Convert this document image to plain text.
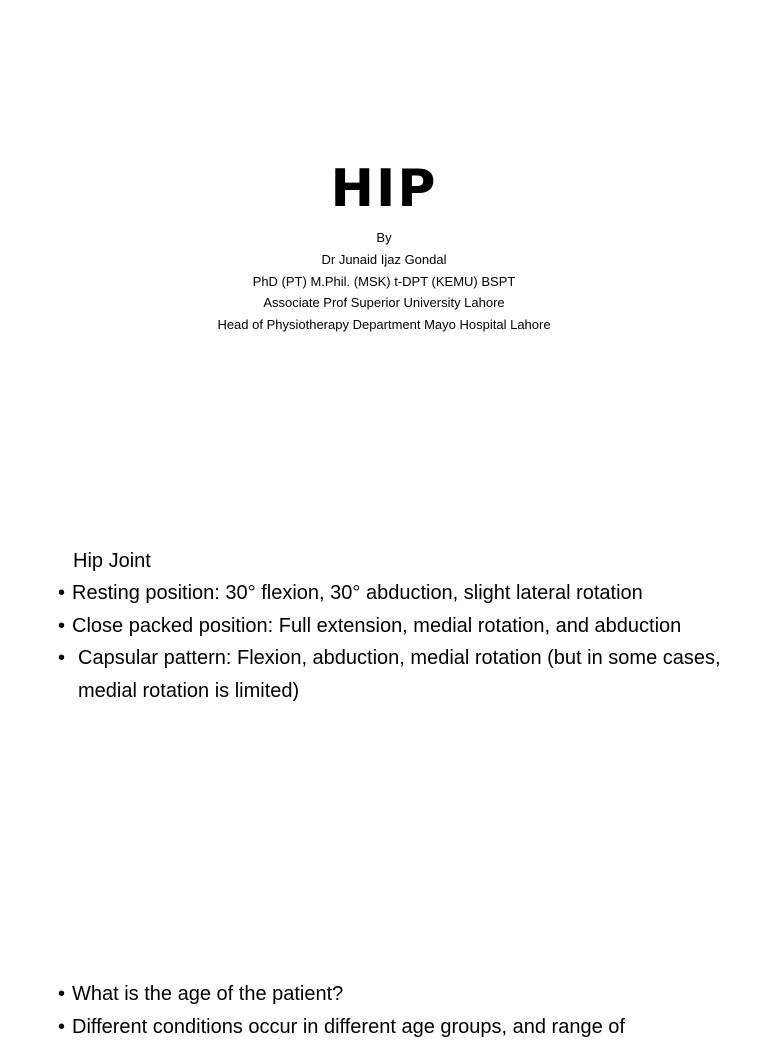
HIP
By
Dr Junaid Ijaz Gondal
PhD (PT) M.Phil. (MSK) t-DPT (KEMU) BSPT
Associate Prof Superior University Lahore
Head of Physiotherapy Department Mayo Hospital Lahore
Hip Joint
• Resting position: 30° flexion, 30° abduction, slight lateral rotation
• Close packed position: Full extension, medial rotation, and abduction
• Capsular pattern: Flexion, abduction, medial rotation (but in some cases, medial rotation is limited)
• What is the age of the patient?
• Different conditions occur in different age groups, and range of
